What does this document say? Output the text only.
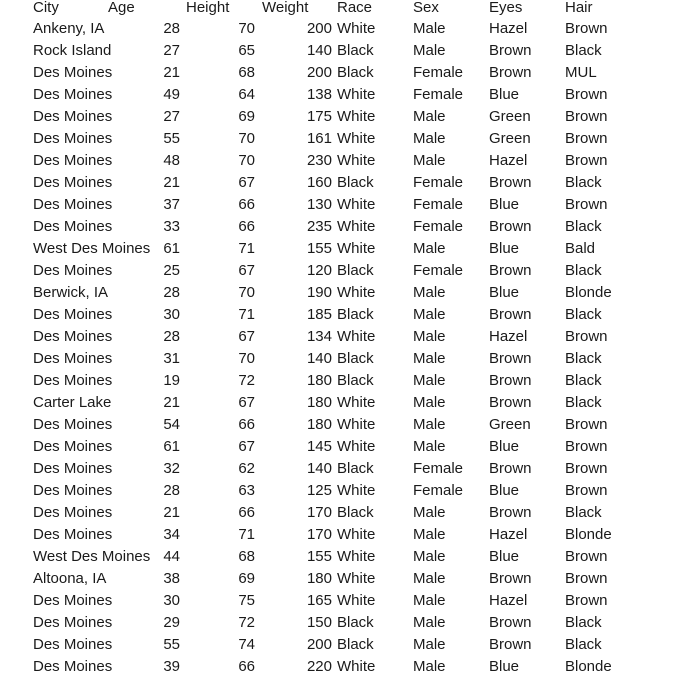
City	Age	Height	Weight	Race	Sex	Eyes	Hair
Ankeny, IA	28	70	200 White	Male	Hazel	Brown
Rock Island	27	65	140 Black	Male	Brown	Black
Des Moines	21	68	200 Black	Female	Brown	MUL
Des Moines	49	64	138 White	Female	Blue	Brown
Des Moines	27	69	175 White	Male	Green	Brown
Des Moines	55	70	161 White	Male	Green	Brown
Des Moines	48	70	230 White	Male	Hazel	Brown
Des Moines	21	67	160 Black	Female	Brown	Black
Des Moines	37	66	130 White	Female	Blue	Brown
Des Moines	33	66	235 White	Female	Brown	Black
West Des Moines 61	71	155 White	Male	Blue	Bald
Des Moines	25	67	120 Black	Female	Brown	Black
Berwick, IA	28	70	190 White	Male	Blue	Blonde
Des Moines	30	71	185 Black	Male	Brown	Black
Des Moines	28	67	134 White	Male	Hazel	Brown
Des Moines	31	70	140 Black	Male	Brown	Black
Des Moines	19	72	180 Black	Male	Brown	Black
Carter Lake	21	67	180 White	Male	Brown	Black
Des Moines	54	66	180 White	Male	Green	Brown
Des Moines	61	67	145 White	Male	Blue	Brown
Des Moines	32	62	140 Black	Female	Brown	Brown
Des Moines	28	63	125 White	Female	Blue	Brown
Des Moines	21	66	170 Black	Male	Brown	Black
Des Moines	34	71	170 White	Male	Hazel	Blonde
West Des Moines 44	68	155 White	Male	Blue	Brown
Altoona, IA	38	69	180 White	Male	Brown	Brown
Des Moines	30	75	165 White	Male	Hazel	Brown
Des Moines	29	72	150 Black	Male	Brown	Black
Des Moines	55	74	200 Black	Male	Brown	Black
Des Moines	39	66	220 White	Male	Blue	Blonde
